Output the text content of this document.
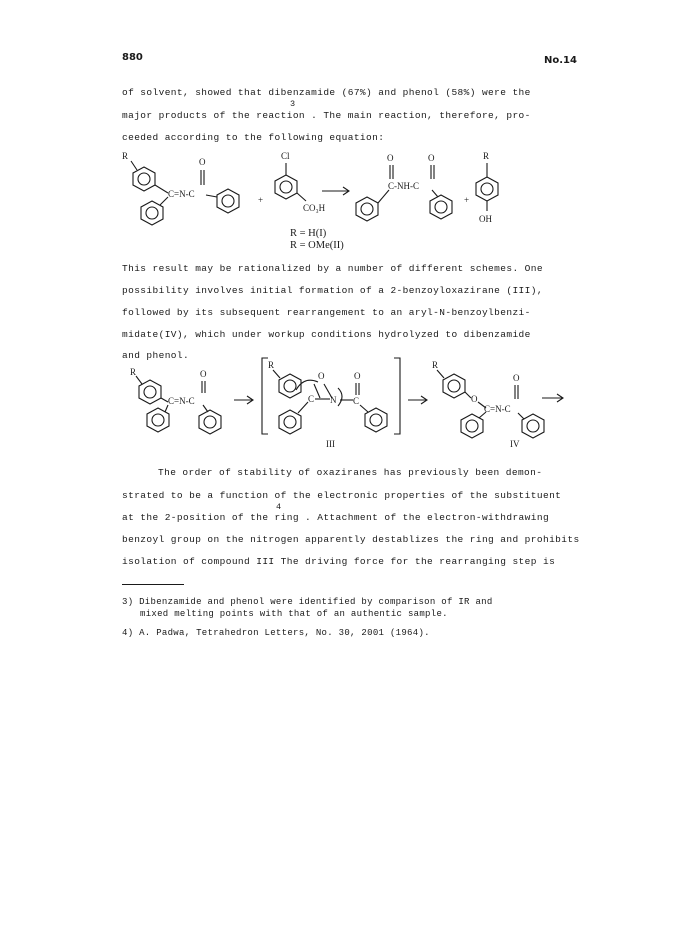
880	No.14
of solvent, showed that dibenzamide (67%) and phenol (58%) were the
3
major products of the reaction . The main reaction, therefore, pro-
ceeded according to the following equation:
R
C=N-C
O
+
Cl
CO₃H
O
C-NH-C
O
+
R
OH
R = H(I)
R = OMe(II)
This result may be rationalized by a number of different schemes. One
possibility involves initial formation of a 2-benzoyloxazirane (III),
followed by its subsequent rearrangement to an aryl-N-benzoylbenzi-
midate(IV), which under workup conditions hydrolyzed to dibenzamide
and phenol.
R
C=N-C
O
R
O
C N
O
C
III
R
O
C=N-C
O
IV
The order of stability of oxaziranes has previously been demon-
strated to be a function of the electronic properties of the substituent
4
at the 2-position of the ring . Attachment of the electron-withdrawing
benzoyl group on the nitrogen apparently destablizes the ring and prohibits
isolation of compound III The driving force for the rearranging step is
3) Dibenzamide and phenol were identified by comparison of IR and
mixed melting points with that of an authentic sample.
4) A. Padwa, Tetrahedron Letters, No. 30, 2001 (1964).
